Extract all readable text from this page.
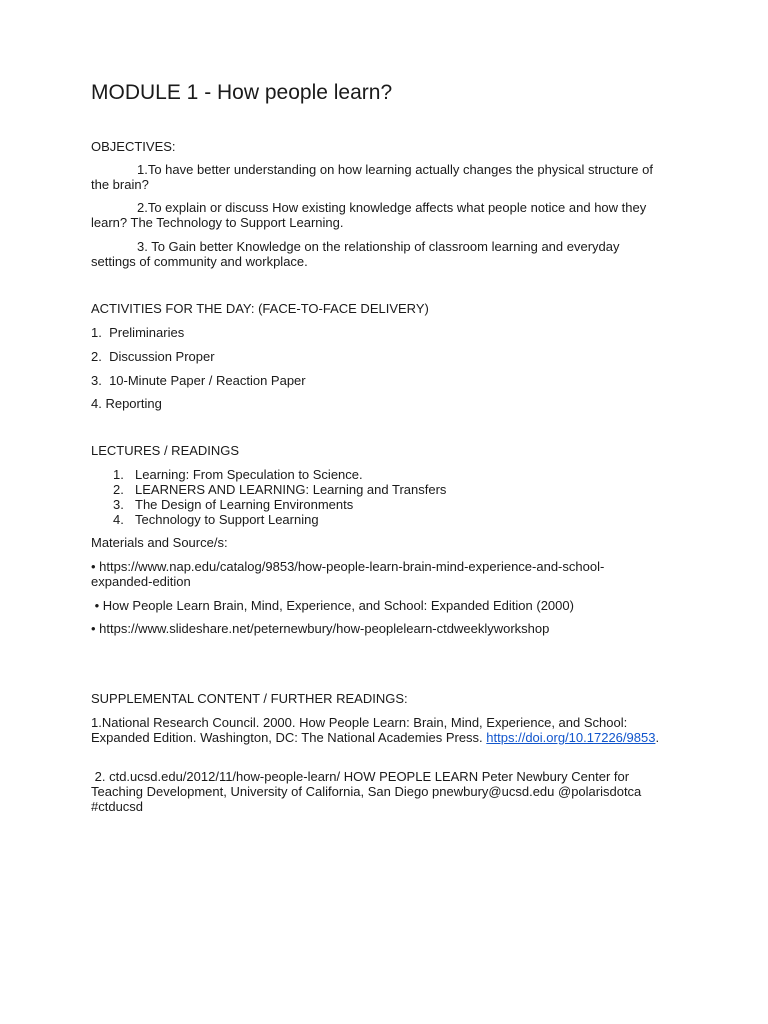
MODULE 1 - How people learn?
OBJECTIVES:
1.To have better understanding on how learning actually changes the physical structure of the brain?
2.To explain or discuss How existing knowledge affects what people notice and how they learn? The Technology to Support Learning.
3. To Gain better Knowledge on the relationship of classroom learning and everyday settings of community and workplace.
ACTIVITIES FOR THE DAY: (FACE-TO-FACE DELIVERY)
1.  Preliminaries
2.  Discussion Proper
3.  10-Minute Paper / Reaction Paper
4. Reporting
LECTURES / READINGS
1. Learning: From Speculation to Science.
2. LEARNERS AND LEARNING: Learning and Transfers
3. The Design of Learning Environments
4. Technology to Support Learning
Materials and Source/s:
• https://www.nap.edu/catalog/9853/how-people-learn-brain-mind-experience-and-school-expanded-edition
• How People Learn Brain, Mind, Experience, and School: Expanded Edition (2000)
• https://www.slideshare.net/peternewbury/how-peoplelearn-ctdweeklyworkshop
SUPPLEMENTAL CONTENT / FURTHER READINGS:
1.National Research Council. 2000. How People Learn: Brain, Mind, Experience, and School: Expanded Edition. Washington, DC: The National Academies Press. https://doi.org/10.17226/9853.
2. ctd.ucsd.edu/2012/11/how-people-learn/ HOW PEOPLE LEARN Peter Newbury Center for Teaching Development, University of California, San Diego pnewbury@ucsd.edu @polarisdotca #ctducsd
